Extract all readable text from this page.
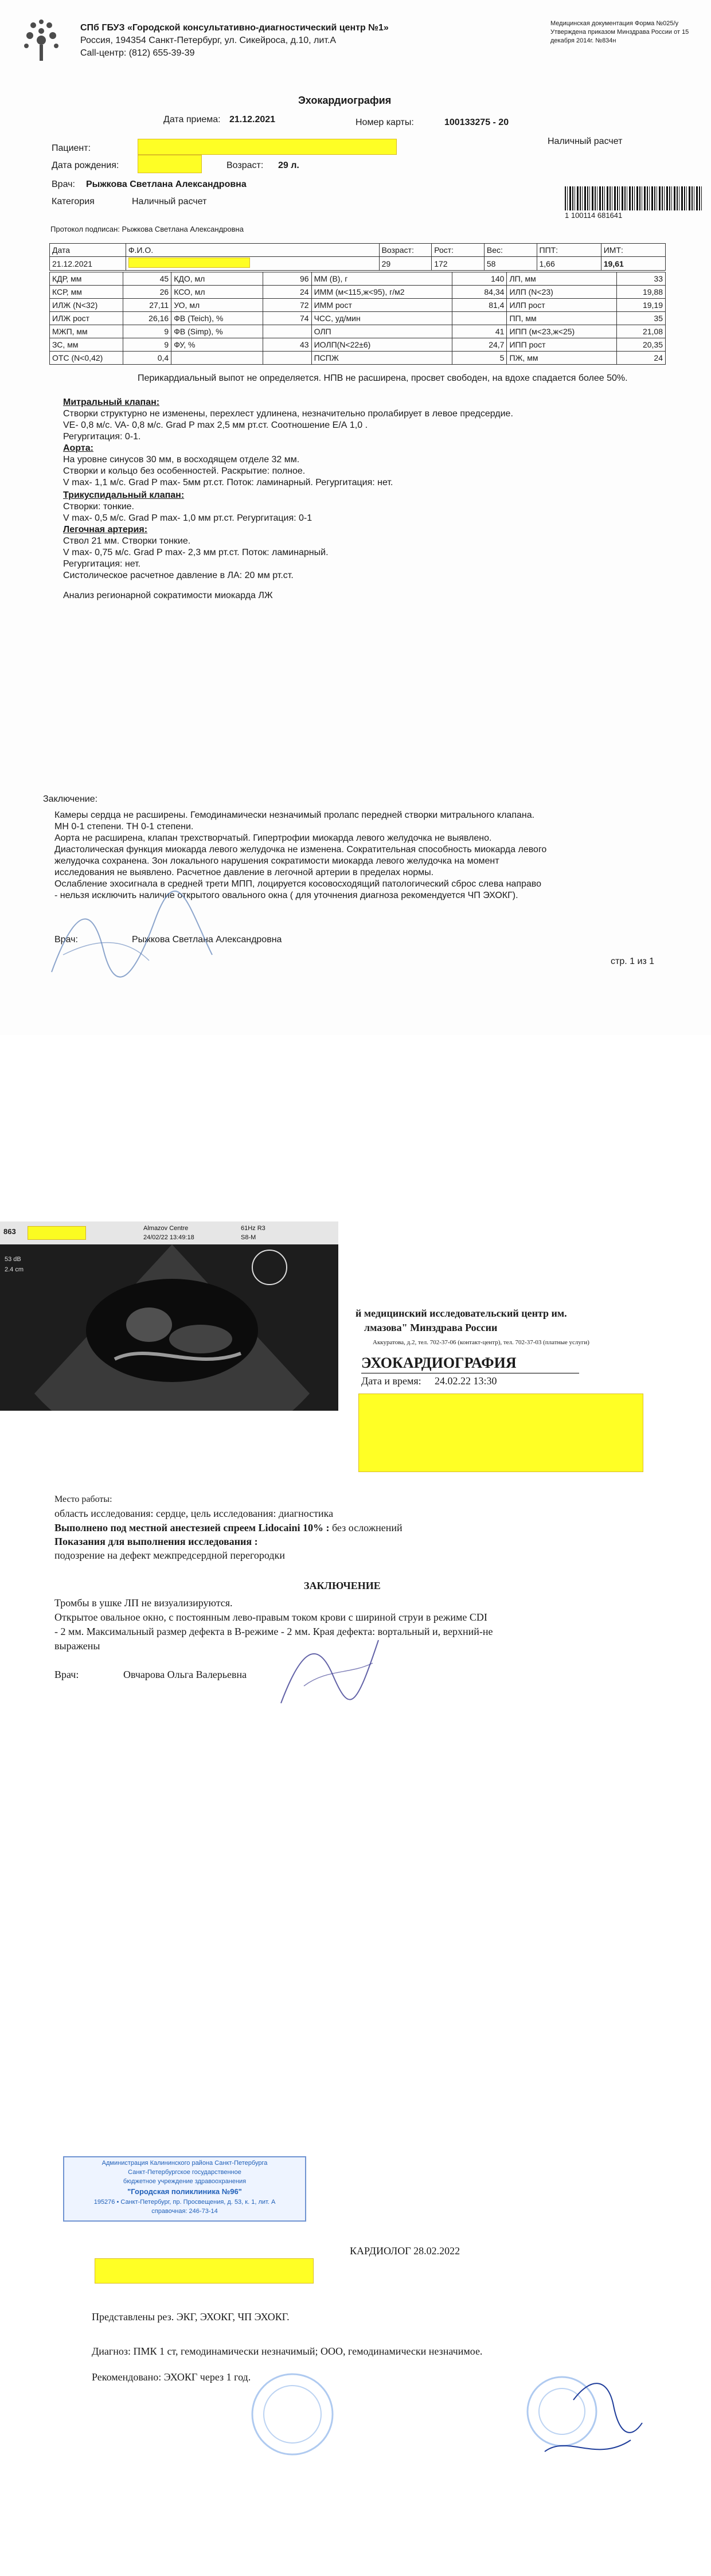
СПб ГБУЗ «Городской консультативно-диагностический центр №1»
Россия, 194354 Санкт-Петербург, ул. Сикейроса, д.10, лит.А
Call-центр: (812) 655-39-39
Медицинская документация Форма №025/у Утверждена приказом Минздрава России от 15 декабря 2014г. №834н
Эхокардиография
Дата приема: 21.12.2021	Номер карты:	100133275 - 20
Наличный расчет
Пациент:
Дата рождения:	Возраст: 29 л.
Врач: Рыжкова Светлана Александровна
Категория	Наличный расчет
1 100114 681641
Протокол подписан: Рыжкова Светлана Александровна
Дата	Ф.И.О.	Возраст:	Рост:	Вес:	ППТ:	ИМТ:
21.12.2021		29	172	58	1,66	19,61
КДР, мм	45	КДО, мл	96	ММ (В), г	140	ЛП, мм	33
КСР, мм	26	КСО, мл	24	ИММ (м<115,ж<95), г/м2	84,34	ИЛП (N<23)	19,88
ИЛЖ (N<32)	27,11	УО, мл	72	ИММ рост	81,4	ИЛП рост	19,19
ИЛЖ рост	26,16	ФВ (Teich), %	74	ЧСС, уд/мин		ПП, мм	35
МЖП, мм	9	ФВ (Simp), %		ОЛП	41	ИПП (м<23,ж<25)	21,08
ЗС, мм	9	ФУ, %	43	ИОЛП(N<22±6)	24,7	ИПП рост	20,35
ОТС (N<0,42)	0,4			ПСПЖ	5	ПЖ, мм	24
Перикардиальный выпот не определяется. НПВ не расширена, просвет свободен, на вдохе спадается более 50%.
Митральный клапан:
Створки структурно не изменены, перехлест удлинена, незначительно пролабирует в левое предсердие.
VE- 0,8 м/с. VA- 0,8 м/с. Grad P max 2,5 мм рт.ст. Соотношение Е/А 1,0 .
Регургитация: 0-1.
Аорта:
На уровне синусов 30 мм, в восходящем отделе 32 мм.
Створки и кольцо без особенностей. Раскрытие: полное.
V max- 1,1 м/с. Grad P max- 5мм рт.ст. Поток: ламинарный. Регургитация: нет.
Трикуспидальный клапан:
Створки: тонкие.
V max- 0,5 м/с. Grad P max- 1,0 мм рт.ст. Регургитация: 0-1
Легочная артерия:
Ствол 21 мм. Створки тонкие.
V max- 0,75 м/с. Grad P max- 2,3 мм рт.ст. Поток: ламинарный.
Регургитация: нет.
Систолическое расчетное давление в ЛА: 20 мм рт.ст.
Анализ регионарной сократимости миокарда ЛЖ
Заключение:
Камеры сердца не расширены. Гемодинамически незначимый пролапс передней створки митрального клапана.
МН 0-1 степени. ТН 0-1 степени.
Аорта не расширена, клапан трехстворчатый. Гипертрофии миокарда левого желудочка не выявлено.
Диастолическая функция миокарда левого желудочка не изменена. Сократительная способность миокарда левого
желудочка сохранена. Зон локального нарушения сократимости миокарда левого желудочка на момент
исследования не выявлено. Расчетное давление в легочной артерии в пределах нормы.
Ослабление эхосигнала в средней трети МПП, лоцируется косовосходящий патологический сброс слева направо
- нельзя исключить наличие открытого овального окна ( для уточнения диагноза рекомендуется ЧП ЭХОКГ).
Врач:	Рыжкова Светлана Александровна
стр. 1 из 1
863	Almazov Centre
24/02/22 13:49:18
61Hz R3
S8-M
53 dB
2.4 cm
й медицинский исследовательский центр им.
лмазова" Минздрава России
Аккуратова, д.2, тел. 702-37-06 (контакт-центр), тел. 702-37-03 (платные услуги)
ЭХОКАРДИОГРАФИЯ
Дата и время: 24.02.22 13:30
Место работы:
область исследования: сердце, цель исследования: диагностика
Выполнено под местной анестезией спреем Lidocaini 10% : без осложнений
Показания для выполнения исследования :
подозрение на дефект межпредсердной перегородки
ЗАКЛЮЧЕНИЕ
Тромбы в ушке ЛП не визуализируются.
Открытое овальное окно, с постоянным лево-правым током крови с шириной струи в режиме CDI
- 2 мм. Максимальный размер дефекта в В-режиме - 2 мм. Края дефекта: вортальный и, верхний-не
выражены
Врач:	Овчарова Ольга Валерьевна
Администрация Калининского района Санкт-Петербурга
Санкт-Петербургское государственное
бюджетное учреждение здравоохранения
"Городская поликлиника №96"
195276 • Санкт-Петербург, пр. Просвещения, д. 53, к. 1, лит. А
справочная: 246-73-14
КАРДИОЛОГ 28.02.2022
Представлены рез. ЭКГ, ЭХОКГ, ЧП ЭХОКГ.
Диагноз: ПМК 1 ст, гемодинамически незначимый; ООО, гемодинамически незначимое.
Рекомендовано: ЭХОКГ через 1 год.
